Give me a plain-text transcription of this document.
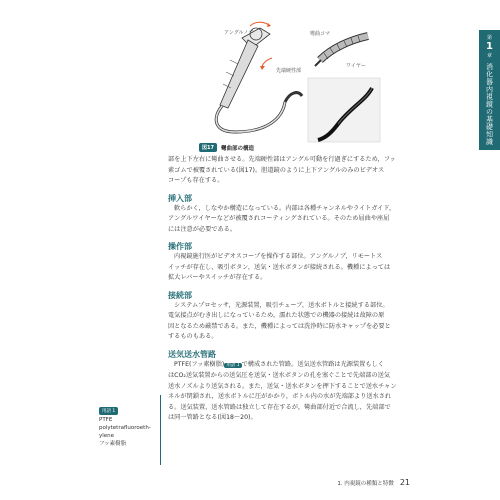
アングルノブ
先端硬性部
彎曲コマ
ワイヤー
図17	彎曲部の構造
第
1
章
消化器内視鏡の基礎知識

部を上下左右に彎曲させる。先端硬性部はアングル可動を行過ぎにするため，フッ

素ゴムで被覆されている(図17)。胆道鏡のように上下アングルのみのビデオス

コープも存在する。

挿入部

軟らかく，しなやか構造になっている。内部は各種チャンネルやライトガイド，

アングルワイヤーなどが被覆されコーティングされている。そのため屈曲や座屈

には注意が必要である。

操作部

内視鏡施行医がビデオスコープを操作する部位。アングルノブ，リモートス

イッチが存在し，吸引ボタン，送気・送水ボタンが接続される。機種によっては

拡大レバーやスイッチが存在する。

接続部

システムプロセッサ，光源装置，吸引チューブ，送水ボトルと接続する部位。

電気接点がむき出しになっているため，濡れた状態での機器の接続は故障の原

因となるため厳禁である。また，機種によっては洗浄時に防水キャップを必要と

するものもある。

送気送水管路

PTFE(フッ素樹脂) 用語 1 で構成された管路。送気送水管路は光源装置もしく

はCO₂送気装置からの送気圧を送気・送水ボタンの孔を塞ぐことで先端部の送気

送水ノズルより送気される。また，送気・送水ボタンを押下することで送水チャン

ネルが閉鎖され，送水ボトルに圧がかかり，ボトル内の水が先端部より送水され

る。送気装置，送水管路は独立して存在するが，彎曲部付近で合流し，先端部で

は同一管路となる(図18〜20)。

用語 1

PTFE

polytetrafluoroeth-

ylene

フッ素樹脂

1. 内視鏡の種類と特徴 21
